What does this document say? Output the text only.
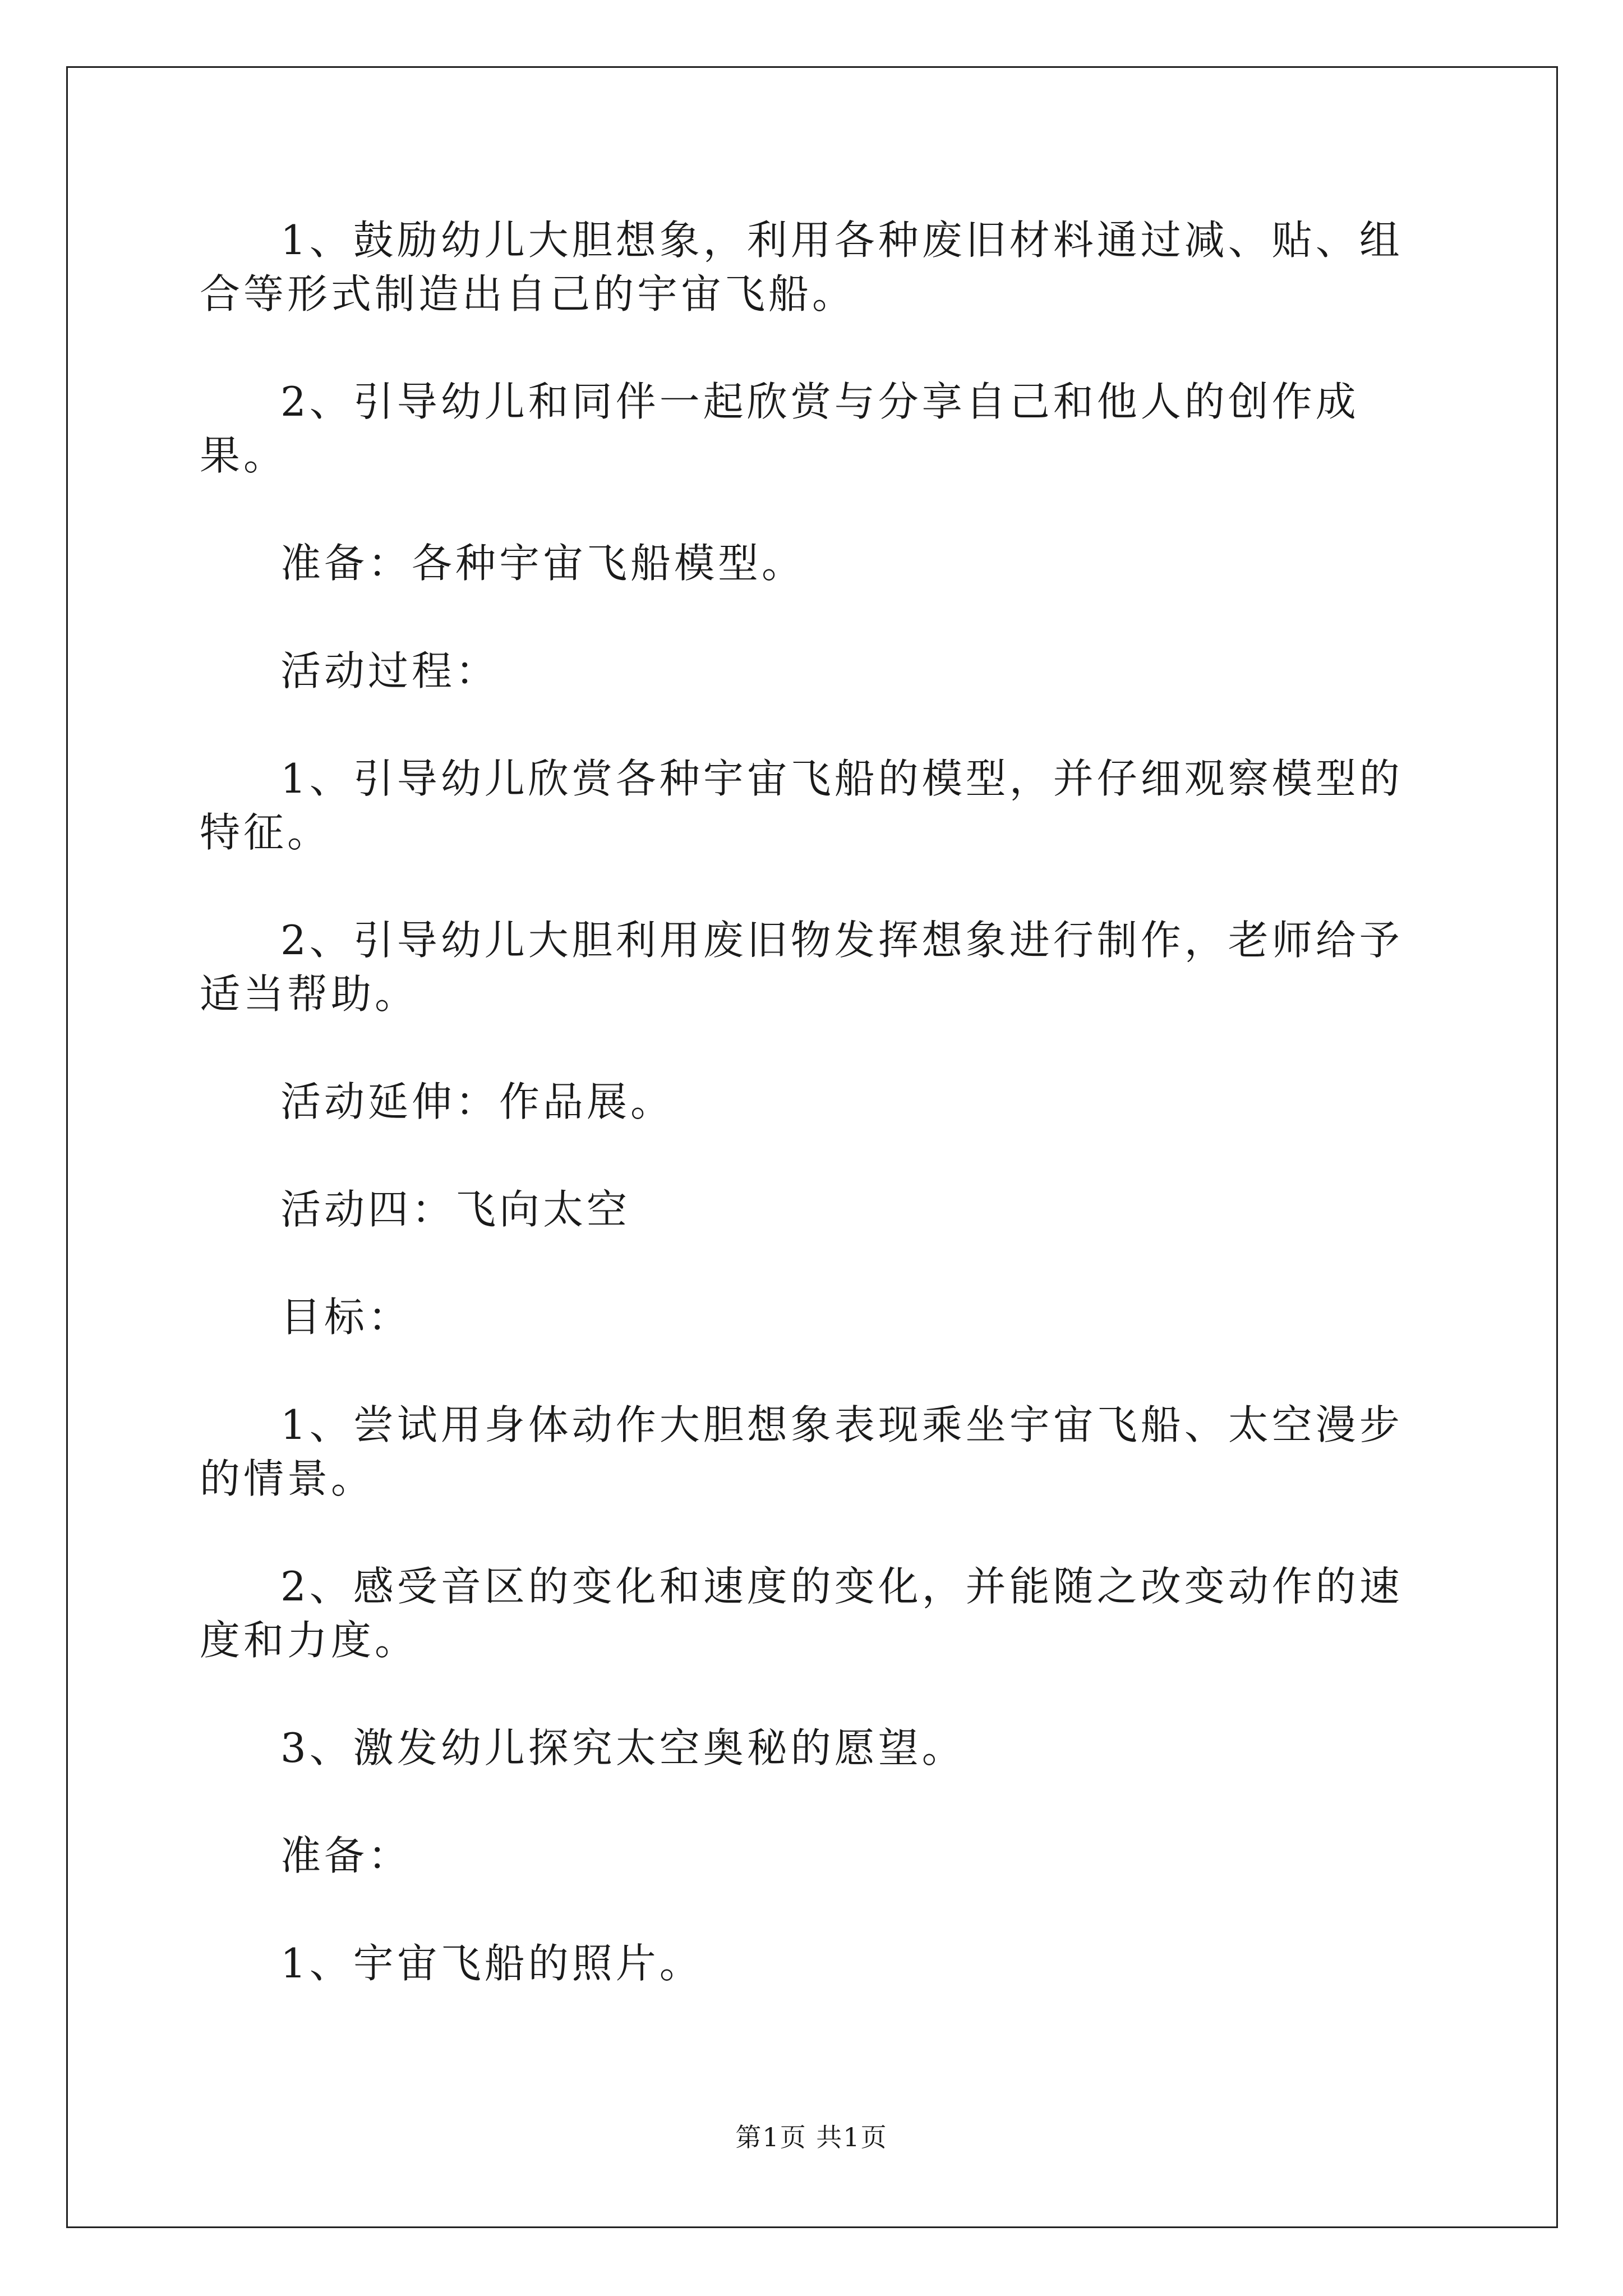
1、鼓励幼儿大胆想象，利用各种废旧材料通过减、贴、组合等形式制造出自己的宇宙飞船。

2、引导幼儿和同伴一起欣赏与分享自己和他人的创作成果。

准备：各种宇宙飞船模型。

活动过程：

1、引导幼儿欣赏各种宇宙飞船的模型，并仔细观察模型的特征。

2、引导幼儿大胆利用废旧物发挥想象进行制作，老师给予适当帮助。

活动延伸：作品展。

活动四：飞向太空

目标：

1、尝试用身体动作大胆想象表现乘坐宇宙飞船、太空漫步的情景。

2、感受音区的变化和速度的变化，并能随之改变动作的速度和力度。

3、激发幼儿探究太空奥秘的愿望。

准备：

1、宇宙飞船的照片。

第1页 共1页
